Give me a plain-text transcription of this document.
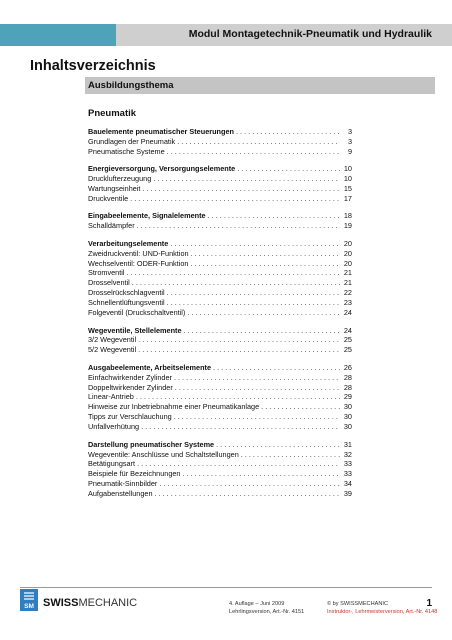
Modul Montagetechnik-Pneumatik und Hydraulik
Inhaltsverzeichnis
Ausbildungsthema
Pneumatik
Bauelemente pneumatischer Steuerungen . . .	3
Grundlagen der Pneumatik . . .	3
Pneumatische Systeme . . .	9
Energieversorgung, Versorgungselemente . . .	10
Drucklufterzeugung . . .	10
Wartungseinheit . . .	15
Druckventile . . .	17
Eingabeelemente, Signalelemente . . .	18
Schalldämpfer . . .	19
Verarbeitungselemente . . .	20
Zweidruckventil: UND-Funktion . . .	20
Wechselventil: ODER-Funktion . . .	20
Stromventil . . .	21
Drosselventil . . .	21
Drosselrückschlagventil . . .	22
Schnellentlüftungsventil . . .	23
Folgeventil (Druckschaltventil) . . .	24
Wegeventile, Stellelemente . . .	24
3/2 Wegeventil . . .	25
5/2 Wegeventil . . .	25
Ausgabeelemente, Arbeitselemente . . .	26
Einfachwirkender Zylinder . . .	28
Doppeltwirkender Zylinder . . .	28
Linear-Antrieb . . .	29
Hinweise zur Inbetriebnahme einer Pneumatikanlage . . .	30
Tipps zur Verschlauchung . . .	30
Unfallverhütung . . .	30
Darstellung pneumatischer Systeme . . .	31
Wegeventile: Anschlüsse und Schaltstellungen . . .	32
Betätigungsart . . .	33
Beispiele für Bezeichnungen . . .	33
Pneumatik-Sinnbilder . . .	34
Aufgabenstellungen . . .	39
SM SWISSMECHANIC	4. Auflage – Juni 2009
Lehrlingsversion, Art.-Nr. 4151
© by SWISSMECHANIC
Instruktor-, Lehrmeisterversion, Art.-Nr. 4148
1
